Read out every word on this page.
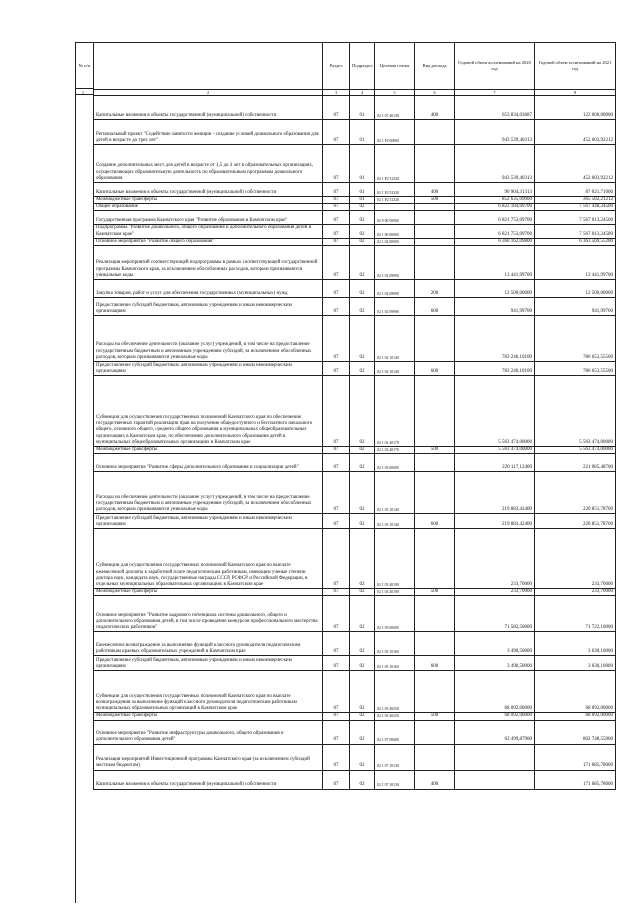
№ п/п
		Раздел	Подраздел	Целевая статья	Вид расхода	Годовой объем ассигнований на 2020 год	Годовой объем ассигнований на 2021 год
2	3	4	5	6	7	8
Капитальные вложения в объекты государственной (муниципальной) собственности	07	01	02 1 07 40130	400	653 834,03687	122 000,00000
Региональный проект "Содействие занятости женщин - создание условий дошкольного образования для детей в возрасте до трех лет"	07	01	02 1 P2 00000		943 539,40313	452 603,92212
Создание дополнительных мест для детей в возрасте от 1,5 до 3 лет в образовательных организациях, осуществляющих образовательную деятельность по образовательным программам дошкольного образования	07	01	02 1 P2 52320		943 539,40313	452 603,92212
Капитальные вложения в объекты государственной (муниципальной) собственности	07	01	02 1 P2 52320	400	90 904,31313	87 021,71000
Межбюджетные трансферты	07	01	02 1 P2 52320	500	852 635,09000	365 582,21212
Общее образование	07	02			6 822 184,09700	7 567 448,24500
Государственная программа Камчатского края "Развитие образования в Камчатском крае"	07	02	02 0 00 00000		6 821 753,09700	7 567 013,24500
Подпрограмма "Развитие дошкольного, общего образования и дополнительного образования детей в Камчатском крае"	07	02	02 1 00 00000		6 821 753,09700	7 567 013,24500
Основное мероприятие "Развитие общего образования"	07	02	02 1 02 00000		6 360 162,09800	6 363 569,55200
Реализация мероприятий соответствующей подпрограммы в рамках соответствующей государственной программы Камчатского края, за исключением обособленных расходов, которым присваиваются уникальные коды	07	02	02 1 02 09990		13 441,99700	13 441,99700
Закупка товаров, работ и услуг для обеспечения государственных (муниципальных) нужд	07	02	02 1 02 09990	200	12 500,00000	12 500,00000
Предоставление субсидий бюджетным, автономным учреждениям и иным некоммерческим организациям	07	02	02 1 02 09990	600	941,99700	941,99700
Расходы на обеспечение деятельности (оказание услуг) учреждений, в том числе на предоставление государственным бюджетным и автономным учреждениям субсидий, за исключением обособленных расходов, которым присваиваются уникальные коды	07	02	02 1 02 10140		783 246,10100	786 653,55500
Предоставление субсидий бюджетным, автономным учреждениям и иным некоммерческим организациям	07	02	02 1 02 10140	600	783 246,10100	786 653,55500
Субвенции для осуществления государственных полномочий Камчатского края по обеспечению государственных гарантий реализации прав на получение общедоступного и бесплатного начального общего, основного общего, среднего общего образования в муниципальных общеобразовательных организациях в Камчатском крае, по обеспечению дополнительного образования детей в муниципальных общеобразовательных организациях в Камчатском крае	07	02	02 1 02 40170		5 563 474,00000	5 563 474,00000
Межбюджетные трансферты	07	02	02 1 02 40170	500	5 563 474,00000	5 563 474,00000
Основное мероприятие "Развитие сферы дополнительного образования и социализации детей"	07	02	02 1 03 00000		220 117,12400	221 085,48700
Расходы на обеспечение деятельности (оказание услуг) учреждений, в том числе на предоставление государственным бюджетным и автономным учреждениям субсидий, за исключением обособленных расходов, которым присваиваются уникальные коды	07	02	02 1 03 10140		219 883,42400	220 851,78700
Предоставление субсидий бюджетным, автономным учреждениям и иным некоммерческим организациям	07	02	02 1 03 10140	600	219 883,42400	220 851,78700
Субвенции для осуществления государственных полномочий Камчатского края по выплате ежемесячной доплаты к заработной плате педагогическим работникам, имеющим ученые степени доктора наук, кандидата наук, государственные награды СССР, РСФСР и Российской Федерации, в отдельных муниципальных образовательных организациях в Камчатском крае	07	02	02 1 03 40190		233,70000	233,70000
Межбюджетные трансферты	07	02	02 1 03 40190	500	233,70000	233,70000
Основное мероприятие "Развитие кадрового потенциала системы дошкольного, общего и дополнительного образования детей, в том числе проведение конкурсов профессионального мастерства педагогических работников"	07	02	02 1 05 00000		71 582,50000	71 722,10000
Ежемесячное вознаграждение за выполнение функций классного руководителя педагогическим работникам краевых образовательных учреждений в Камчатском крае	07	02	02 1 05 10160		3 490,50000	3 630,10000
Предоставление субсидий бюджетным, автономным учреждениям и иным некоммерческим организациям	07	02	02 1 05 10160	600	3 490,50000	3 630,10000
Субвенции для осуществления государственных полномочий Камчатского края по выплате вознаграждения за выполнение функций классного руководителя педагогическим работникам муниципальных образовательных организаций в Камчатском крае	07	02	02 1 05 40250		68 092,00000	68 092,00000
Межбюджетные трансферты	07	02	02 1 05 40250	500	68 092,00000	68 092,00000
Основное мероприятие "Развитие инфраструктуры дошкольного, общего образования и дополнительного образования детей"	07	02	02 1 07 00000		63 499,87900	802 748,55900
Реализация мероприятий Инвестиционной программы Камчатского края (за исключением субсидий местным бюджетам)	07	02	02 1 07 10130			171 685,78000
Капитальные вложения в объекты государственной (муниципальной) собственности	07	02	02 1 07 10130	400		171 685,78000
1
